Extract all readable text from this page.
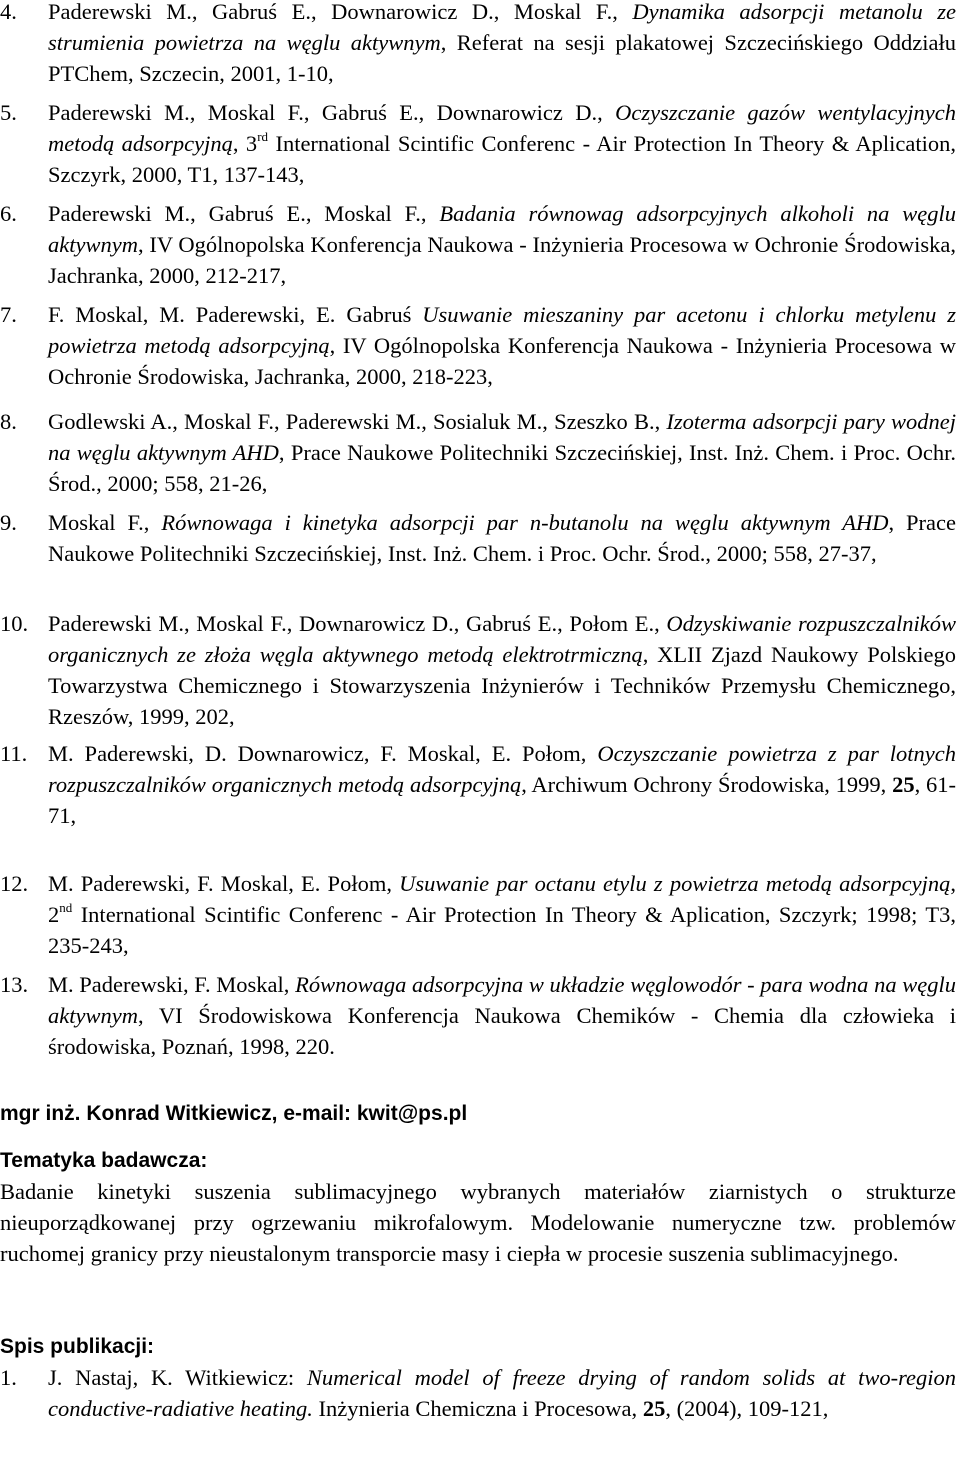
4. Paderewski M., Gabruś E., Downarowicz D., Moskal F., Dynamika adsorpcji metanolu ze strumienia powietrza na węglu aktywnym, Referat na sesji plakatowej Szczecińskiego Oddziału PTChem, Szczecin, 2001, 1-10,
5. Paderewski M., Moskal F., Gabruś E., Downarowicz D., Oczyszczanie gazów wentylacyjnych metodą adsorpcyjną, 3rd International Scintific Conferenc - Air Protection In Theory & Aplication, Szczyrk, 2000, T1, 137-143,
6. Paderewski M., Gabruś E., Moskal F., Badania równowag adsorpcyjnych alkoholi na węglu aktywnym, IV Ogólnopolska Konferencja Naukowa - Inżynieria Procesowa w Ochronie Środowiska, Jachranka, 2000, 212-217,
7. F. Moskal, M. Paderewski, E. Gabruś Usuwanie mieszaniny par acetonu i chlorku metylenu z powietrza metodą adsorpcyjną, IV Ogólnopolska Konferencja Naukowa - Inżynieria Procesowa w Ochronie Środowiska, Jachranka, 2000, 218-223,
8. Godlewski A., Moskal F., Paderewski M., Sosialuk M., Szeszko B., Izoterma adsorpcji pary wodnej na węglu aktywnym AHD, Prace Naukowe Politechniki Szczecińskiej, Inst. Inż. Chem. i Proc. Ochr. Środ., 2000; 558, 21-26,
9. Moskal F., Równowaga i kinetyka adsorpcji par n-butanolu na węglu aktywnym AHD, Prace Naukowe Politechniki Szczecińskiej, Inst. Inż. Chem. i Proc. Ochr. Środ., 2000; 558, 27-37,
10. Paderewski M., Moskal F., Downarowicz D., Gabruś E., Połom E., Odzyskiwanie rozpuszczalników organicznych ze złoża węgla aktywnego metodą elektrotrmiczną, XLII Zjazd Naukowy Polskiego Towarzystwa Chemicznego i Stowarzyszenia Inżynierów i Techników Przemysłu Chemicznego, Rzeszów, 1999, 202,
11. M. Paderewski, D. Downarowicz, F. Moskal, E. Połom, Oczyszczanie powietrza z par lotnych rozpuszczalników organicznych metodą adsorpcyjną, Archiwum Ochrony Środowiska, 1999, 25, 61-71,
12. M. Paderewski, F. Moskal, E. Połom, Usuwanie par octanu etylu z powietrza metodą adsorpcyjną, 2nd International Scintific Conferenc - Air Protection In Theory & Aplication, Szczyrk; 1998; T3, 235-243,
13. M. Paderewski, F. Moskal, Równowaga adsorpcyjna w układzie węglowodór - para wodna na węglu aktywnym, VI Środowiskowa Konferencja Naukowa Chemików - Chemia dla człowieka i środowiska, Poznań, 1998, 220.
mgr inż. Konrad Witkiewicz, e-mail: kwit@ps.pl
Tematyka badawcza:
Badanie kinetyki suszenia sublimacyjnego wybranych materiałów ziarnistych o strukturze nieuporządkowanej przy ogrzewaniu mikrofalowym. Modelowanie numeryczne tzw. problemów ruchomej granicy przy nieustalonym transporcie masy i ciepła w procesie suszenia sublimacyjnego.
Spis publikacji:
1. J. Nastaj, K. Witkiewicz: Numerical model of freeze drying of random solids at two-region conductive-radiative heating. Inżynieria Chemiczna i Procesowa, 25, (2004), 109-121,
